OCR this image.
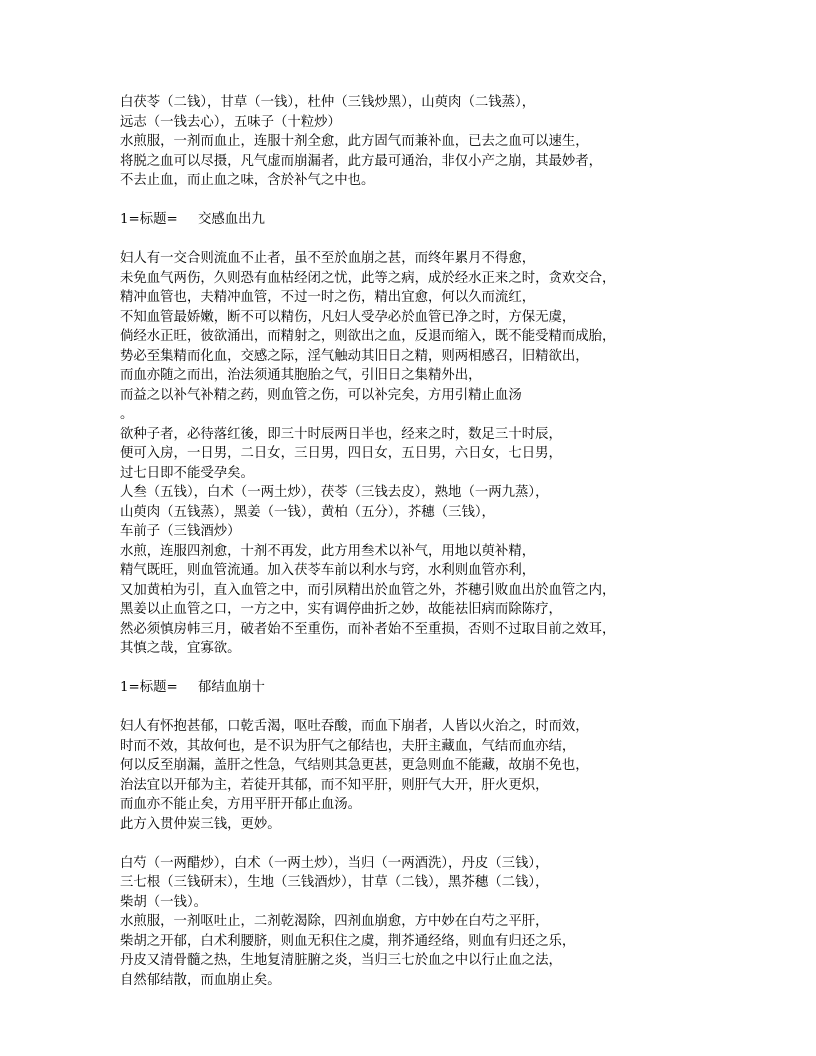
白茯苓（二钱），甘草（一钱），杜仲（三钱炒黑），山萸肉（二钱蒸），
远志（一钱去心），五味子（十粒炒）
水煎服，一剂而血止，连服十剂全愈，此方固气而兼补血，已去之血可以速生，
将脱之血可以尽摄，凡气虚而崩漏者，此方最可通治，非仅小产之崩，其最妙者，
不去止血，而止血之味，含於补气之中也。
1=标题= 交感血出九
妇人有一交合则流血不止者，虽不至於血崩之甚，而终年累月不得愈，
未免血气两伤，久则恐有血枯经闭之忧，此等之病，成於经水正来之时，贪欢交合，
精冲血管也，夫精冲血管，不过一时之伤，精出宜愈，何以久而流红，
不知血管最娇嫩，断不可以精伤，凡妇人受孕必於血管已净之时，方保无虞，
倘经水正旺，彼欲涌出，而精射之，则欲出之血，反退而缩入，既不能受精而成胎，
势必至集精而化血，交感之际，淫气触动其旧日之精，则两相感召，旧精欲出，
而血亦随之而出，治法须通其胞胎之气，引旧日之集精外出，
而益之以补气补精之药，则血管之伤，可以补完矣，方用引精止血汤
。
欲种子者，必待落红後，即三十时辰两日半也，经来之时，数足三十时辰，
便可入房，一日男，二日女，三日男，四日女，五日男，六日女，七日男，
过七日即不能受孕矣。
人叁（五钱），白术（一两土炒），茯苓（三钱去皮），熟地（一两九蒸），
山萸肉（五钱蒸），黑姜（一钱），黄柏（五分），芥穗（三钱），
车前子（三钱酒炒）
水煎，连服四剂愈，十剂不再发，此方用叁术以补气，用地以萸补精，
精气既旺，则血管流通。加入茯苓车前以利水与窍，水利则血管亦利，
又加黄柏为引，直入血管之中，而引夙精出於血管之外，芥穗引败血出於血管之内，
黑姜以止血管之口，一方之中，实有调停曲折之妙，故能祛旧病而除陈疗，
然必须慎房帏三月，破者始不至重伤，而补者始不至重损，否则不过取目前之效耳，
其慎之哉，宜寡欲。
1=标题= 郁结血崩十
妇人有怀抱甚郁，口乾舌渴，呕吐吞酸，而血下崩者，人皆以火治之，时而效，
时而不效，其故何也，是不识为肝气之郁结也，夫肝主藏血，气结而血亦结，
何以反至崩漏，盖肝之性急，气结则其急更甚，更急则血不能藏，故崩不免也，
治法宜以开郁为主，若徒开其郁，而不知平肝，则肝气大开，肝火更炽，
而血亦不能止矣，方用平肝开郁止血汤。
此方入贯仲炭三钱，更妙。
白芍（一两醋炒），白术（一两土炒），当归（一两酒洗），丹皮（三钱），
三七根（三钱研末），生地（三钱酒炒），甘草（二钱），黑芥穗（二钱），
柴胡（一钱）。
水煎服，一剂呕吐止，二剂乾渴除，四剂血崩愈，方中妙在白芍之平肝，
柴胡之开郁，白术利腰脐，则血无积住之虞，荆芥通经络，则血有归还之乐，
丹皮又清骨髓之热，生地复清脏腑之炎，当归三七於血之中以行止血之法，
自然郁结散，而血崩止矣。
